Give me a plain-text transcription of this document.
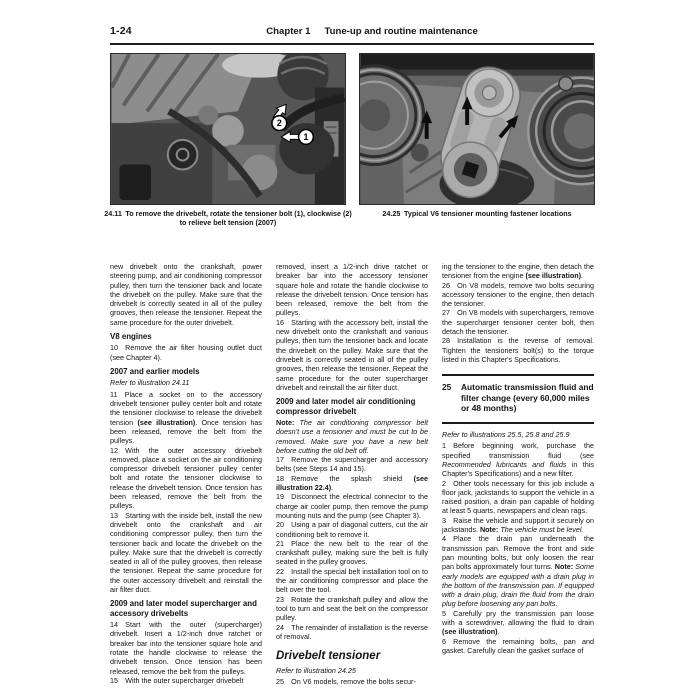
1-24	Chapter 1 Tune-up and routine maintenance
2
1
24.11 To remove the drivebelt, rotate the tensioner bolt (1), clockwise (2) to relieve belt tension (2007)
24.25 Typical V6 tensioner mounting fastener locations

new drivebelt onto the crankshaft, power steering pump, and air conditioning compressor pulley, then turn the tensioner back and locate the drivebelt on the pulley. Make sure that the drivebelt is correctly seated in all of the pulley grooves, then release the tensioner. Repeat the same procedure for the outer drivebelt.

V8 engines

10 Remove the air filter housing outlet duct (see Chapter 4).

2007 and earlier models

Refer to illustration 24.11

11 Place a socket on to the accessory drivebelt tensioner pulley center bolt and rotate the tensioner clockwise to release the drivebelt tension (see illustration). Once tension has been released, remove the belt from the pulleys.

12 With the outer accessory drivebelt removed, place a socket on the air conditioning compressor drivebelt tensioner pulley center bolt and rotate the tensioner clockwise to release the drivebelt tension. Once tension has been released, remove the belt from the pulleys.

13 Starting with the inside belt, install the new drivebelt onto the crankshaft and air conditioning compressor pulley, then turn the tensioner back and locate the drivebelt on the pulley. Make sure that the drivebelt is correctly seated in all of the pulley grooves, then release the tensioner. Repeat the same procedure for the outer accessory drivebelt and reinstall the air filter duct.

2009 and later model supercharger and accessory drivebelts

14 Start with the outer (supercharger) drivebelt. Insert a 1/2-inch drive ratchet or breaker bar into the tensioner square hole and rotate the handle clockwise to release the drivebelt tension. Once tension has been released, remove the belt from the pulleys.

15 With the outer supercharger drivebelt

removed, insert a 1/2-inch drive ratchet or breaker bar into the accessory tensioner square hole and rotate the handle clockwise to release the drivebelt tension. Once tension has been released, remove the belt from the pulleys.

16 Starting with the accessory belt, install the new drivebelt onto the crankshaft and various pulleys, then turn the tensioner back and locate the drivebelt on the pulley. Make sure that the drivebelt is correctly seated in all of the pulley grooves, then release the tensioner. Repeat the same procedure for the outer supercharger drivebelt and reinstall the air filter duct.

2009 and later model air conditioning compressor drivebelt

Note: The air conditioning compressor belt doesn’t use a tensioner and must be cut to be removed. Make sure you have a new belt before cutting the old belt off.

17 Remove the supercharger and accessory belts (see Steps 14 and 15).

18 Remove the splash shield (see illustration 22.4).

19 Disconnect the electrical connector to the charge air cooler pump, then remove the pump mounting nuts and the pump (see Chapter 3).

20 Using a pair of diagonal cutters, cut the air conditioning belt to remove it.

21 Place the new belt to the rear of the crankshaft pulley, making sure the belt is fully seated in the pulley grooves.

22 Install the special belt installation tool on to the air conditioning compressor and place the belt over the tool.

23 Rotate the crankshaft pulley and allow the tool to turn and seat the belt on the compressor pulley.

24 The remainder of installation is the reverse of removal.

Drivebelt tensioner

Refer to illustration 24.25

25 On V6 models, remove the bolts secur-

ing the tensioner to the engine, then detach the tensioner from the engine (see illustration).

26 On V8 models, remove two bolts securing accessory tensioner to the engine, then detach the tensioner.

27 On V8 models with superchargers, remove the supercharger tensioner center bolt, then detach the tensioner.

28 Installation is the reverse of removal. Tighten the tensioners bolt(s) to the torque listed in this Chapter's Specifications.

25	Automatic transmission fluid and filter change (every 60,000 miles or 48 months)

Refer to illustrations 25.5, 25.8 and 25.9

1 Before beginning work, purchase the specified transmission fluid (see Recommended lubricants and fluids in this Chapter's Specifications) and a new filter.

2 Other tools necessary for this job include a floor jack, jackstands to support the vehicle in a raised position, a drain pan capable of holding at least 5 quarts, newspapers and clean rags.

3 Raise the vehicle and support it securely on jackstands. Note: The vehicle must be level.

4 Place the drain pan underneath the transmission pan. Remove the front and side pan mounting bolts, but only loosen the rear pan bolts approximately four turns. Note: Some early models are equipped with a drain plug in the bottom of the transmission pan. If equipped with a drain plug, drain the fluid from the drain plug before loosening any pan bolts.

5 Carefully pry the transmission pan loose with a screwdriver, allowing the fluid to drain (see illustration).

6 Remove the remaining bolts, pan and gasket. Carefully clean the gasket surface of
